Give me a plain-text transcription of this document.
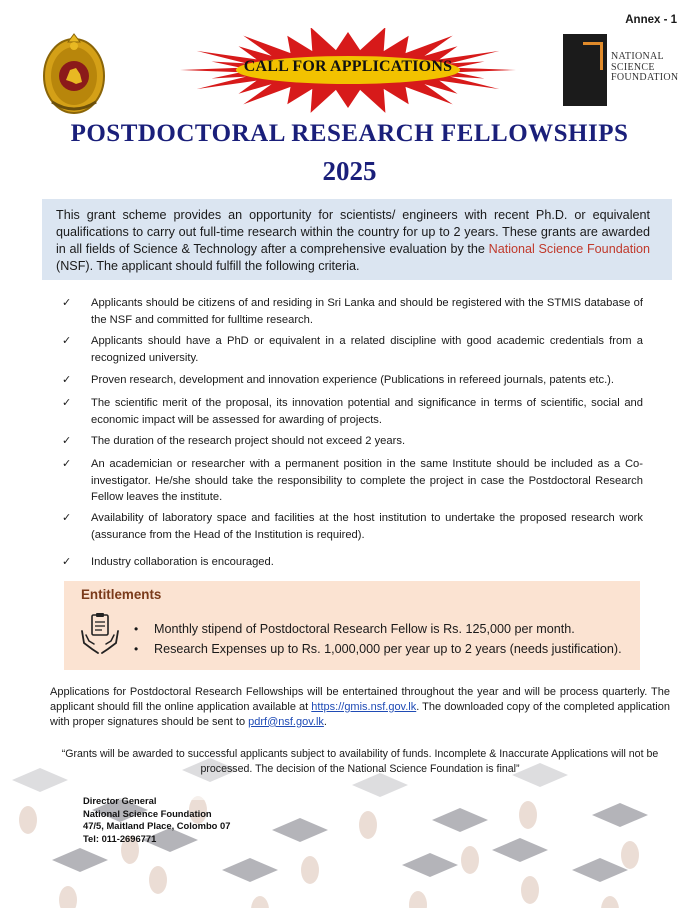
Annex - 1
CALL FOR APPLICATIONS
NATIONAL
SCIENCE
FOUNDATION
POSTDOCTORAL RESEARCH FELLOWSHIPS
2025
This grant scheme provides an opportunity for scientists/ engineers with recent Ph.D. or equivalent qualifications to carry out full-time research within the country for up to 2 years. These grants are awarded in all fields of Science & Technology after a comprehensive evaluation by the National Science Foundation (NSF). The applicant should fulfill the following criteria.
✓	Applicants should be citizens of and residing in Sri Lanka and should be registered with the STMIS database of the NSF and committed for fulltime research.
✓	Applicants should have a PhD or equivalent in a related discipline with good academic credentials from a recognized university.
✓	Proven research, development and innovation experience (Publications in refereed journals, patents etc.).
✓	The scientific merit of the proposal, its innovation potential and significance in terms of scientific, social and economic impact will be assessed for awarding of projects.
✓	The duration of the research project should not exceed 2 years.
✓	An academician or researcher with a permanent position in the same Institute should be included as a Co-investigator. He/she should take the responsibility to complete the project in case the Postdoctoral Research Fellow leaves the institute.
✓	Availability of laboratory space and facilities at the host institution to undertake the proposed research work (assurance from the Head of the Institution is required).
✓	Industry collaboration is encouraged.
Entitlements
• Monthly stipend of Postdoctoral Research Fellow is Rs. 125,000 per month.
• Research Expenses up to Rs. 1,000,000 per year up to 2 years (needs justification).
Applications for Postdoctoral Research Fellowships will be entertained throughout the year and will be process quarterly. The applicant should fill the online application available at https://gmis.nsf.gov.lk. The downloaded copy of the completed application with proper signatures should be sent to pdrf@nsf.gov.lk.
“Grants will be awarded to successful applicants subject to availability of funds. Incomplete & Inaccurate Applications will not be processed. The decision of the National Science Foundation is final”
Director General
National Science Foundation
47/5, Maitland Place, Colombo 07
Tel: 011-2696771
